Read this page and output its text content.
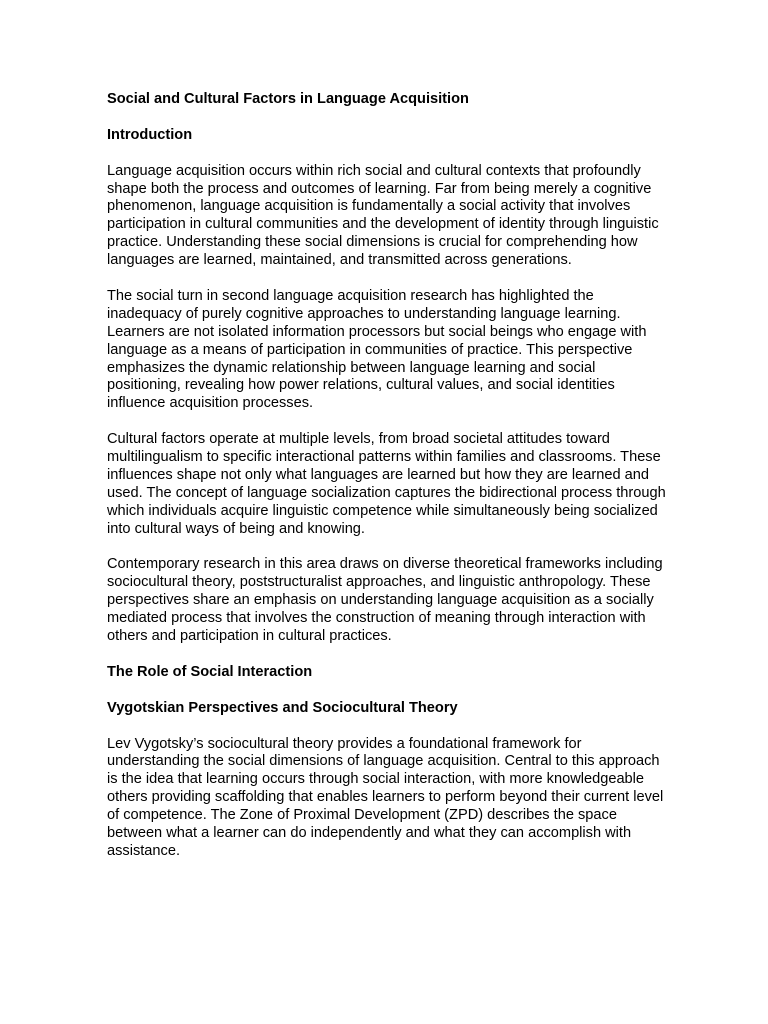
Social and Cultural Factors in Language Acquisition
Introduction

Language acquisition occurs within rich social and cultural contexts that profoundly shape both the process and outcomes of learning. Far from being merely a cognitive phenomenon, language acquisition is fundamentally a social activity that involves participation in cultural communities and the development of identity through linguistic practice. Understanding these social dimensions is crucial for comprehending how languages are learned, maintained, and transmitted across generations.

The social turn in second language acquisition research has highlighted the inadequacy of purely cognitive approaches to understanding language learning. Learners are not isolated information processors but social beings who engage with language as a means of participation in communities of practice. This perspective emphasizes the dynamic relationship between language learning and social positioning, revealing how power relations, cultural values, and social identities influence acquisition processes.

Cultural factors operate at multiple levels, from broad societal attitudes toward multilingualism to specific interactional patterns within families and classrooms. These influences shape not only what languages are learned but how they are learned and used. The concept of language socialization captures the bidirectional process through which individuals acquire linguistic competence while simultaneously being socialized into cultural ways of being and knowing.

Contemporary research in this area draws on diverse theoretical frameworks including sociocultural theory, poststructuralist approaches, and linguistic anthropology. These perspectives share an emphasis on understanding language acquisition as a socially mediated process that involves the construction of meaning through interaction with others and participation in cultural practices.

The Role of Social Interaction
Vygotskian Perspectives and Sociocultural Theory

Lev Vygotsky’s sociocultural theory provides a foundational framework for understanding the social dimensions of language acquisition. Central to this approach is the idea that learning occurs through social interaction, with more knowledgeable others providing scaffolding that enables learners to perform beyond their current level of competence. The Zone of Proximal Development (ZPD) describes the space between what a learner can do independently and what they can accomplish with assistance.
